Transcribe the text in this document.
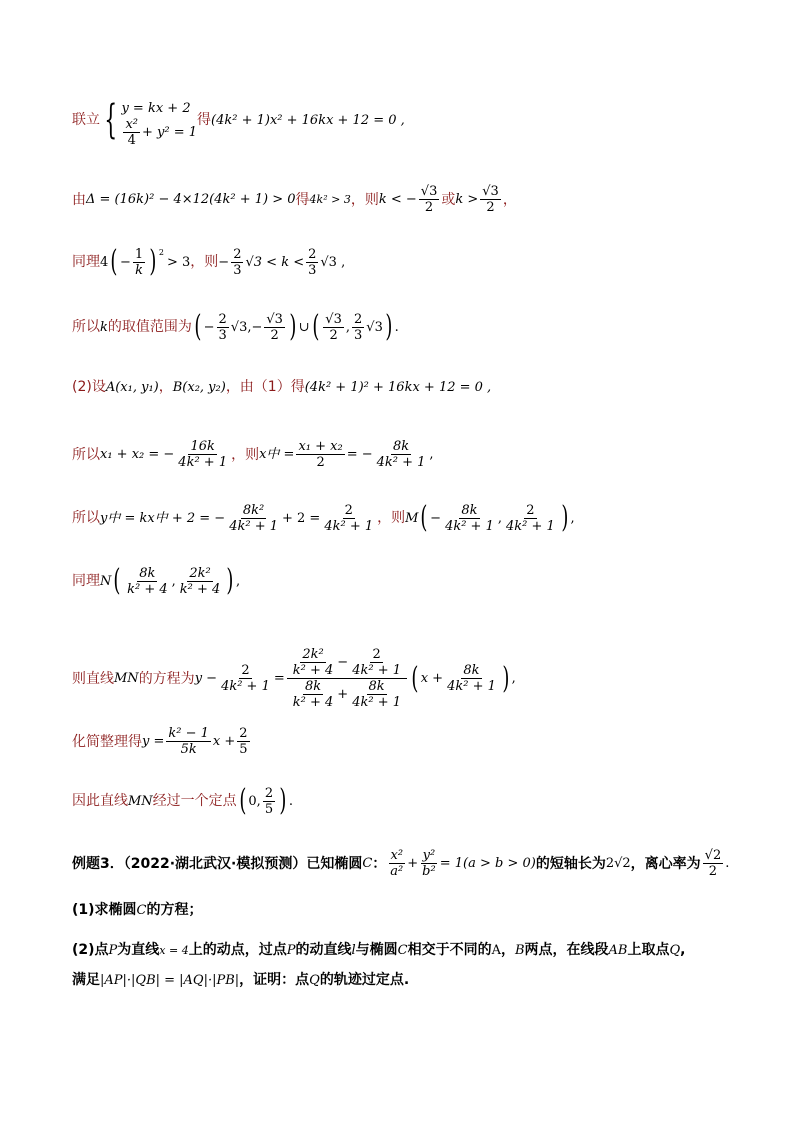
联立 { y = kx + 2
$\frac{\text{x²}}{4} + y^2 = 1$
得 (4k² + 1)x² + 16kx + 12 = 0 ,
由 Δ = (16k)² − 4×12(4k² + 1) > 0 得 4k² > 3 ，则 k < − $\frac{√3}{2}$ 或 $k > \frac{√3}{2}$ ，
同理 4 ( − $\frac{1}{k}$ ) $^2$
> 3 ，则 − $\frac{2}{3} √3 < k < \frac{2}{3} √3$ ,
所以 k 的取值范围为 ( − $\frac{2}{3} √3,- \frac{√3}{2}$ ) ∪ ( $\frac{√3}{2}$ , $\frac{2}{3} √3$ ) .
(2)设 A(x₁, y₁) ， B(x₂, y₂) ，由（1）得 (4k² + 1)² + 16kx + 12 = 0 ,
所以 x₁ + x₂ = − $\frac{16k}{\text{4k² + 1}}$ ，则 x中 = $\frac{\text{x₁ + x₂}}{2}$ = − $\frac{8k}{\text{4k² + 1}}$ ,
所以 y中 = kx中 + 2 = − $\frac{\text{8k²}}{\text{4k² + 1}} + 2 = \frac{2}{\text{4k² + 1}}$ ，则 M ( − $\frac{8k}{\text{4k² + 1}}$ , $\frac{2}{\text{4k² + 1}}$ ) ,
同理 N ( $\frac{8k}{\text{k² + 4}}$ , $\frac{\text{2k²}}{\text{k² + 4}}$ ) ,
则直线 MN 的方程为 $y - \frac{2}{\text{4k² + 1}} = \frac{\frac{\text{2k²}}{\text{k² + 4}} - \frac{2}{\text{4k² + 1}}}{\frac{8k}{\text{k² + 4}} + \frac{8k}{\text{4k² + 1}}}$ ( $x + \frac{8k}{\text{4k² + 1}}$ ) ,
化简整理得 $y = \frac{\text{k² − 1}}{5k}$ $x + \frac{2}{5}$
因此直线 MN 经过一个定点 ( 0, $\frac{2}{5}$ ) .
例题3．（2022·湖北武汉·模拟预测）已知椭圆 C ： $\frac{\text{x²}}{\text{a²}} + \frac{\text{y²}}{\text{b²}} = 1(a > b > 0)$ 的短轴长为 2√2 ，离心率为 $\frac{√2}{2}$ .
(1)求椭圆 C 的方程；
(2)点 P 为直线 x = 4 上的动点，过点 P 的动直线 l 与椭圆 C 相交于不同的 A ， B 两点，在线段 AB 上取点 Q ,
满足 |AP|·|QB| = |AQ|·|PB| ，证明：点 Q 的轨迹过定点.
